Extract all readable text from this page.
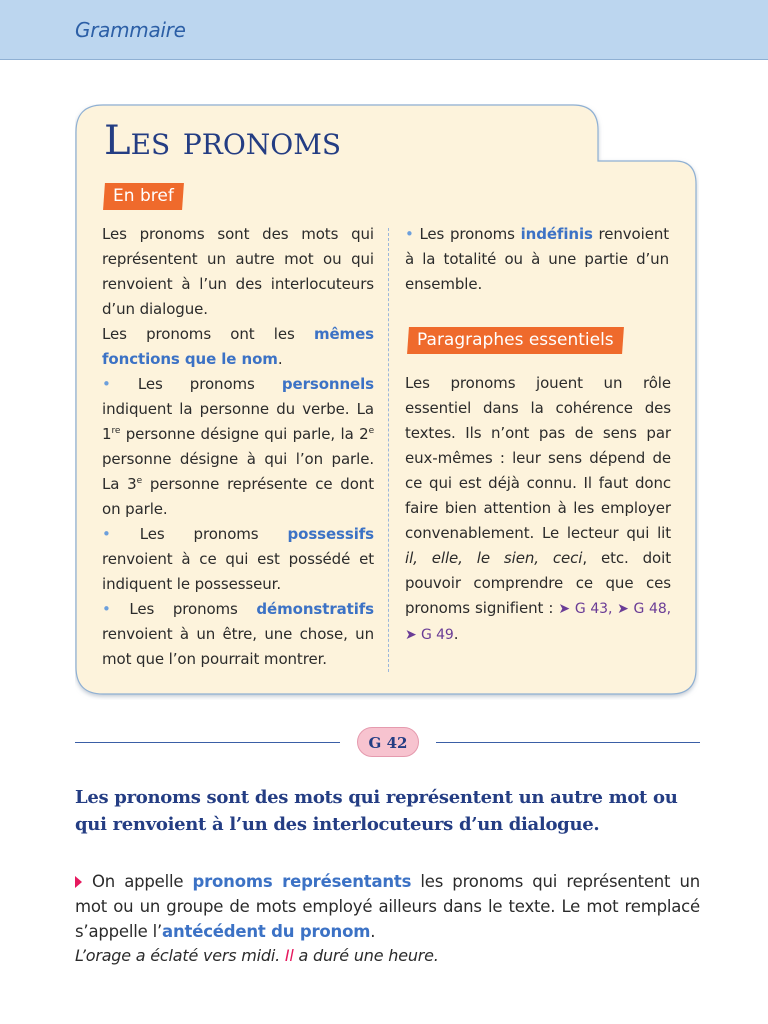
Grammaire
Les pronoms
En bref

Les pronoms sont des mots qui représentent un autre mot ou qui renvoient à l’un des interlocuteurs d’un dialogue.

Les pronoms ont les mêmes fonctions que le nom.

• Les pronoms personnels indiquent la personne du verbe. La 1re personne désigne qui parle, la 2e personne désigne à qui l’on parle. La 3e personne représente ce dont on parle.

• Les pronoms possessifs renvoient à ce qui est possédé et indiquent le possesseur.

• Les pronoms démonstratifs renvoient à un être, une chose, un mot que l’on pourrait montrer.

• Les pronoms indéfinis renvoient à la totalité ou à une partie d’un ensemble.

Paragraphes essentiels

Les pronoms jouent un rôle essentiel dans la cohérence des textes. Ils n’ont pas de sens par eux-mêmes : leur sens dépend de ce qui est déjà connu. Il faut donc faire bien attention à les employer convenablement. Le lecteur qui lit il, elle, le sien, ceci, etc. doit pouvoir comprendre ce que ces pronoms signifient : ➤ G 43, ➤ G 48, ➤ G 49.

G 42
Les pronoms sont des mots qui représentent un autre mot ou qui renvoient à l’un des interlocuteurs d’un dialogue.

On appelle pronoms représentants les pronoms qui représentent un mot ou un groupe de mots employé ailleurs dans le texte. Le mot remplacé s’appelle l’antécédent du pronom.

L’orage a éclaté vers midi. Il a duré une heure.
